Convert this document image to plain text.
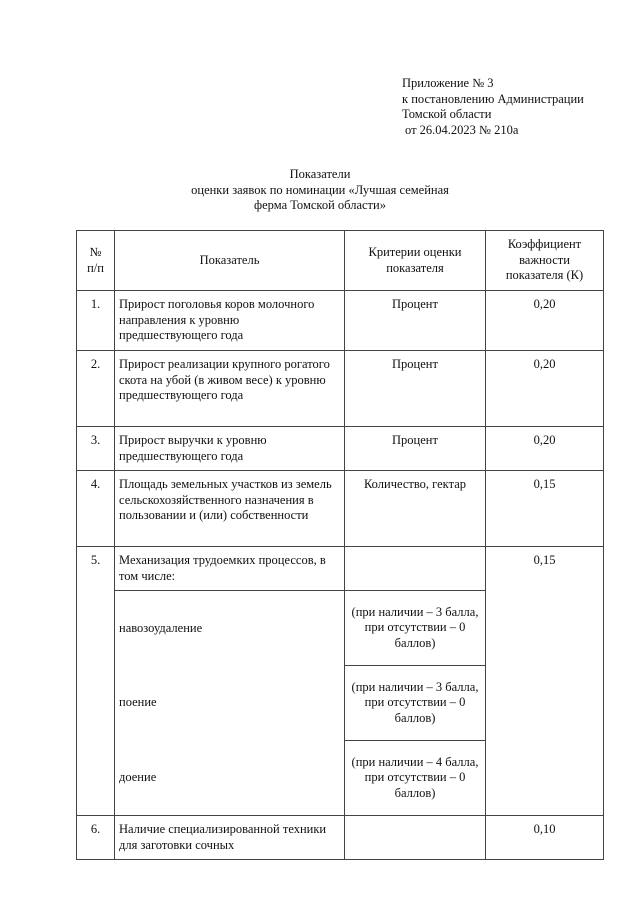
Приложение № 3
к постановлению Администрации
Томской области
от 26.04.2023 № 210а
Показатели
оценки заявок по номинации «Лучшая семейная
ферма Томской области»
№ п/п	Показатель	Критерии оценки показателя	Коэффициент важности показателя (К)
1.	Прирост поголовья коров молочного направления к уровню предшествующего года	Процент	0,20
2.	Прирост реализации крупного рогатого скота на убой (в живом весе) к уровню предшествующего года	Процент	0,20
3.	Прирост выручки к уровню предшествующего года	Процент	0,20
4.	Площадь земельных участков из земель сельскохозяйственного назначения в пользовании и (или) собственности	Количество, гектар	0,15
5.	Механизация трудоемких процессов, в том числе:		0,15
	навозоудаление	(при наличии – 3 балла, при отсутствии – 0 баллов)	
	поение	(при наличии – 3 балла, при отсутствии – 0 баллов)	
	доение	(при наличии – 4 балла, при отсутствии – 0 баллов)	
6.	Наличие специализированной техники для заготовки сочных		0,10
